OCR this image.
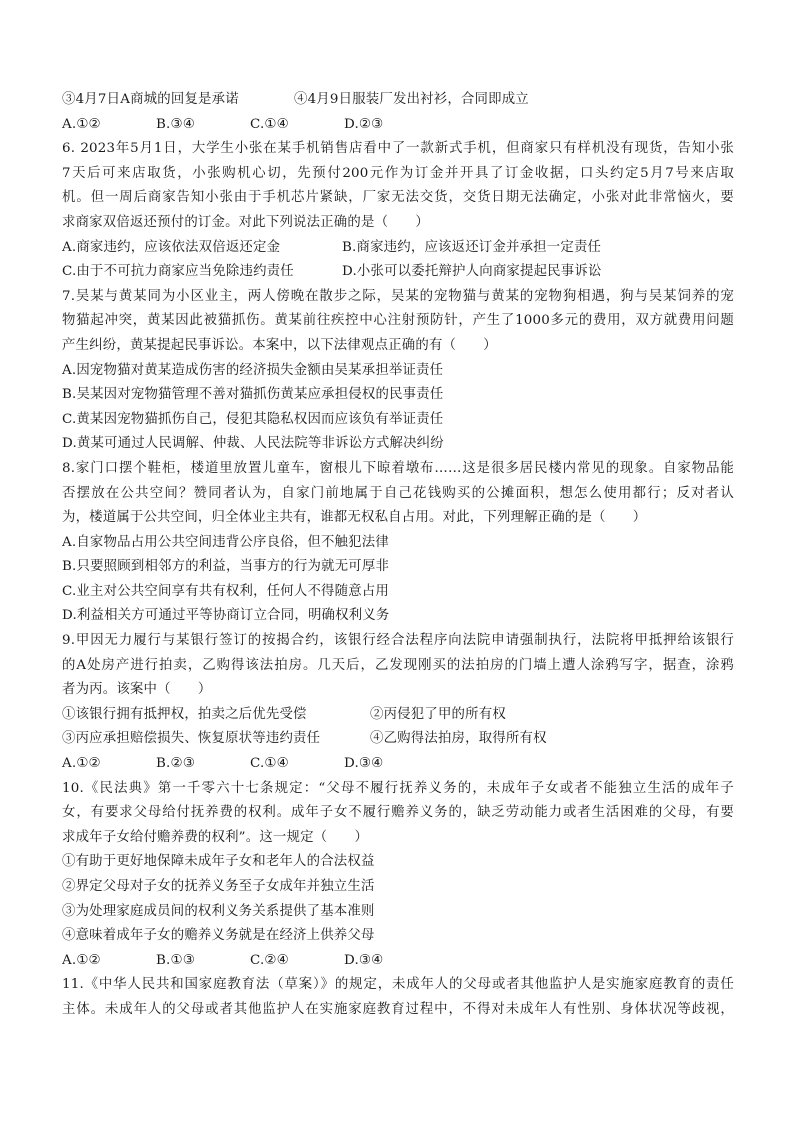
③4月7日A商城的回复是承诺	④4月9日服装厂发出衬衫，合同即成立
A.①②	B.③④	C.①④	D.②③
6. 2023年5月1日，大学生小张在某手机销售店看中了一款新式手机，但商家只有样机没有现货，告知小张
7天后可来店取货，小张购机心切，先预付200元作为订金并开具了订金收据，口头约定5月7号来店取
机。但一周后商家告知小张由于手机芯片紧缺，厂家无法交货，交货日期无法确定，小张对此非常恼火，要
求商家双倍返还预付的订金。对此下列说法正确的是（　　）
A.商家违约，应该依法双倍返还定金	B.商家违约，应该返还订金并承担一定责任
C.由于不可抗力商家应当免除违约责任	D.小张可以委托辩护人向商家提起民事诉讼
7.吴某与黄某同为小区业主，两人傍晚在散步之际，吴某的宠物猫与黄某的宠物狗相遇，狗与吴某饲养的宠
物猫起冲突，黄某因此被猫抓伤。黄某前往疾控中心注射预防针，产生了1000多元的费用，双方就费用问题
产生纠纷，黄某提起民事诉讼。本案中，以下法律观点正确的有（　　）
A.因宠物猫对黄某造成伤害的经济损失金额由吴某承担举证责任
B.吴某因对宠物猫管理不善对猫抓伤黄某应承担侵权的民事责任
C.黄某因宠物猫抓伤自己，侵犯其隐私权因而应该负有举证责任
D.黄某可通过人民调解、仲裁、人民法院等非诉讼方式解决纠纷
8.家门口摆个鞋柜，楼道里放置儿童车，窗根儿下晾着墩布……这是很多居民楼内常见的现象。自家物品能
否摆放在公共空间？赞同者认为，自家门前地属于自己花钱购买的公摊面积，想怎么使用都行；反对者认
为，楼道属于公共空间，归全体业主共有，谁都无权私自占用。对此，下列理解正确的是（　　）
A.自家物品占用公共空间违背公序良俗，但不触犯法律
B.只要照顾到相邻方的利益，当事方的行为就无可厚非
C.业主对公共空间享有共有权利，任何人不得随意占用
D.利益相关方可通过平等协商订立合同，明确权利义务
9.甲因无力履行与某银行签订的按揭合约，该银行经合法程序向法院申请强制执行，法院将甲抵押给该银行
的A处房产进行拍卖，乙购得该法拍房。几天后，乙发现刚买的法拍房的门墙上遭人涂鸦写字，据查，涂鸦
者为丙。该案中（　　）
①该银行拥有抵押权，拍卖之后优先受偿	②丙侵犯了甲的所有权
③丙应承担赔偿损失、恢复原状等违约责任	④乙购得法拍房，取得所有权
A.①②	B.②③	C.①④	D.③④
10.《民法典》第一千零六十七条规定：“父母不履行抚养义务的，未成年子女或者不能独立生活的成年子
女，有要求父母给付抚养费的权利。成年子女不履行赡养义务的，缺乏劳动能力或者生活困难的父母，有要
求成年子女给付赡养费的权利”。这一规定（　　）
①有助于更好地保障未成年子女和老年人的合法权益
②界定父母对子女的抚养义务至子女成年并独立生活
③为处理家庭成员间的权利义务关系提供了基本准则
④意味着成年子女的赡养义务就是在经济上供养父母
A.①②	B.①③	C.②④	D.③④
11.《中华人民共和国家庭教育法（草案）》的规定，未成年人的父母或者其他监护人是实施家庭教育的责任
主体。未成年人的父母或者其他监护人在实施家庭教育过程中，不得对未成年人有性别、身体状况等歧视，
